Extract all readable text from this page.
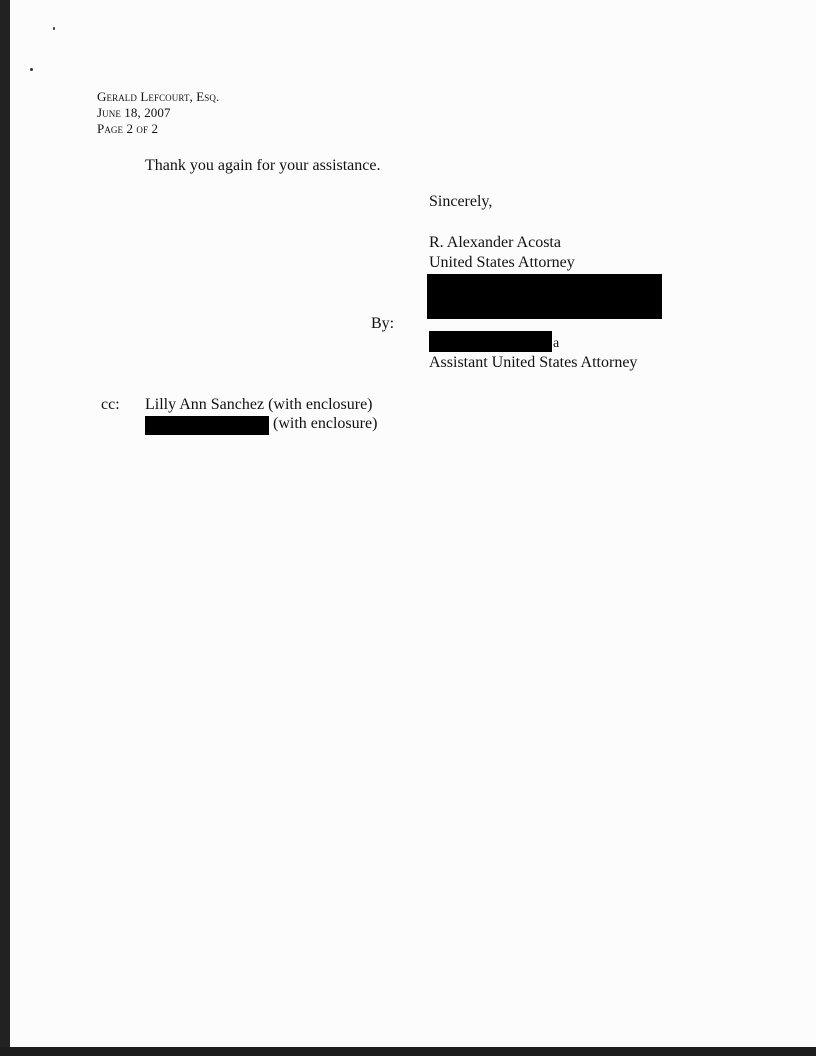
Gerald Lefcourt, Esq.
June 18, 2007
Page 2 of 2
Thank you again for your assistance.
Sincerely,
R. Alexander Acosta
United States Attorney
By:
a
Assistant United States Attorney
cc: Lilly Ann Sanchez (with enclosure)
(with enclosure)
